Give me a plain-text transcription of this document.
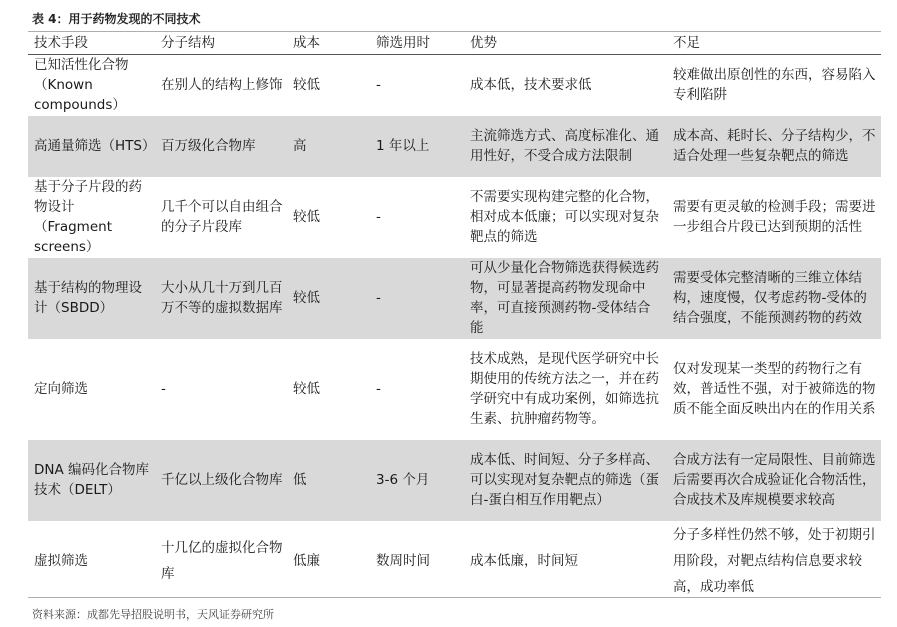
表 4：用于药物发现的不同技术
技术手段	分子结构	成本	筛选用时	优势	不足
已知活性化合物（Known compounds）	在别人的结构上修饰	较低	-	成本低，技术要求低	较难做出原创性的东西，容易陷入专利陷阱
高通量筛选（HTS）	百万级化合物库	高	1 年以上	主流筛选方式、高度标准化、通用性好，不受合成方法限制	成本高、耗时长、分子结构少，不适合处理一些复杂靶点的筛选
基于分子片段的药物设计（Fragment screens）	几千个可以自由组合的分子片段库	较低	-	不需要实现构建完整的化合物，相对成本低廉；可以实现对复杂靶点的筛选	需要有更灵敏的检测手段；需要进一步组合片段已达到预期的活性
基于结构的物理设计（SBDD）	大小从几十万到几百万不等的虚拟数据库	较低	-	可从少量化合物筛选获得候选药物，可显著提高药物发现命中率，可直接预测药物-受体结合能	需要受体完整清晰的三维立体结构，速度慢，仅考虑药物-受体的结合强度，不能预测药物的药效
定向筛选	-	较低	-	技术成熟，是现代医学研究中长期使用的传统方法之一，并在药学研究中有成功案例，如筛选抗生素、抗肿瘤药物等。	仅对发现某一类型的药物行之有效，普适性不强，对于被筛选的物质不能全面反映出内在的作用关系
DNA 编码化合物库技术（DELT）	千亿以上级化合物库	低	3-6 个月	成本低、时间短、分子多样高、可以实现对复杂靶点的筛选（蛋白-蛋白相互作用靶点）	合成方法有一定局限性、目前筛选后需要再次合成验证化合物活性，合成技术及库规模要求较高
虚拟筛选	十几亿的虚拟化合物库	低廉	数周时间	成本低廉，时间短	分子多样性仍然不够，处于初期引用阶段，对靶点结构信息要求较高，成功率低
资料来源：成都先导招股说明书，天风证券研究所
